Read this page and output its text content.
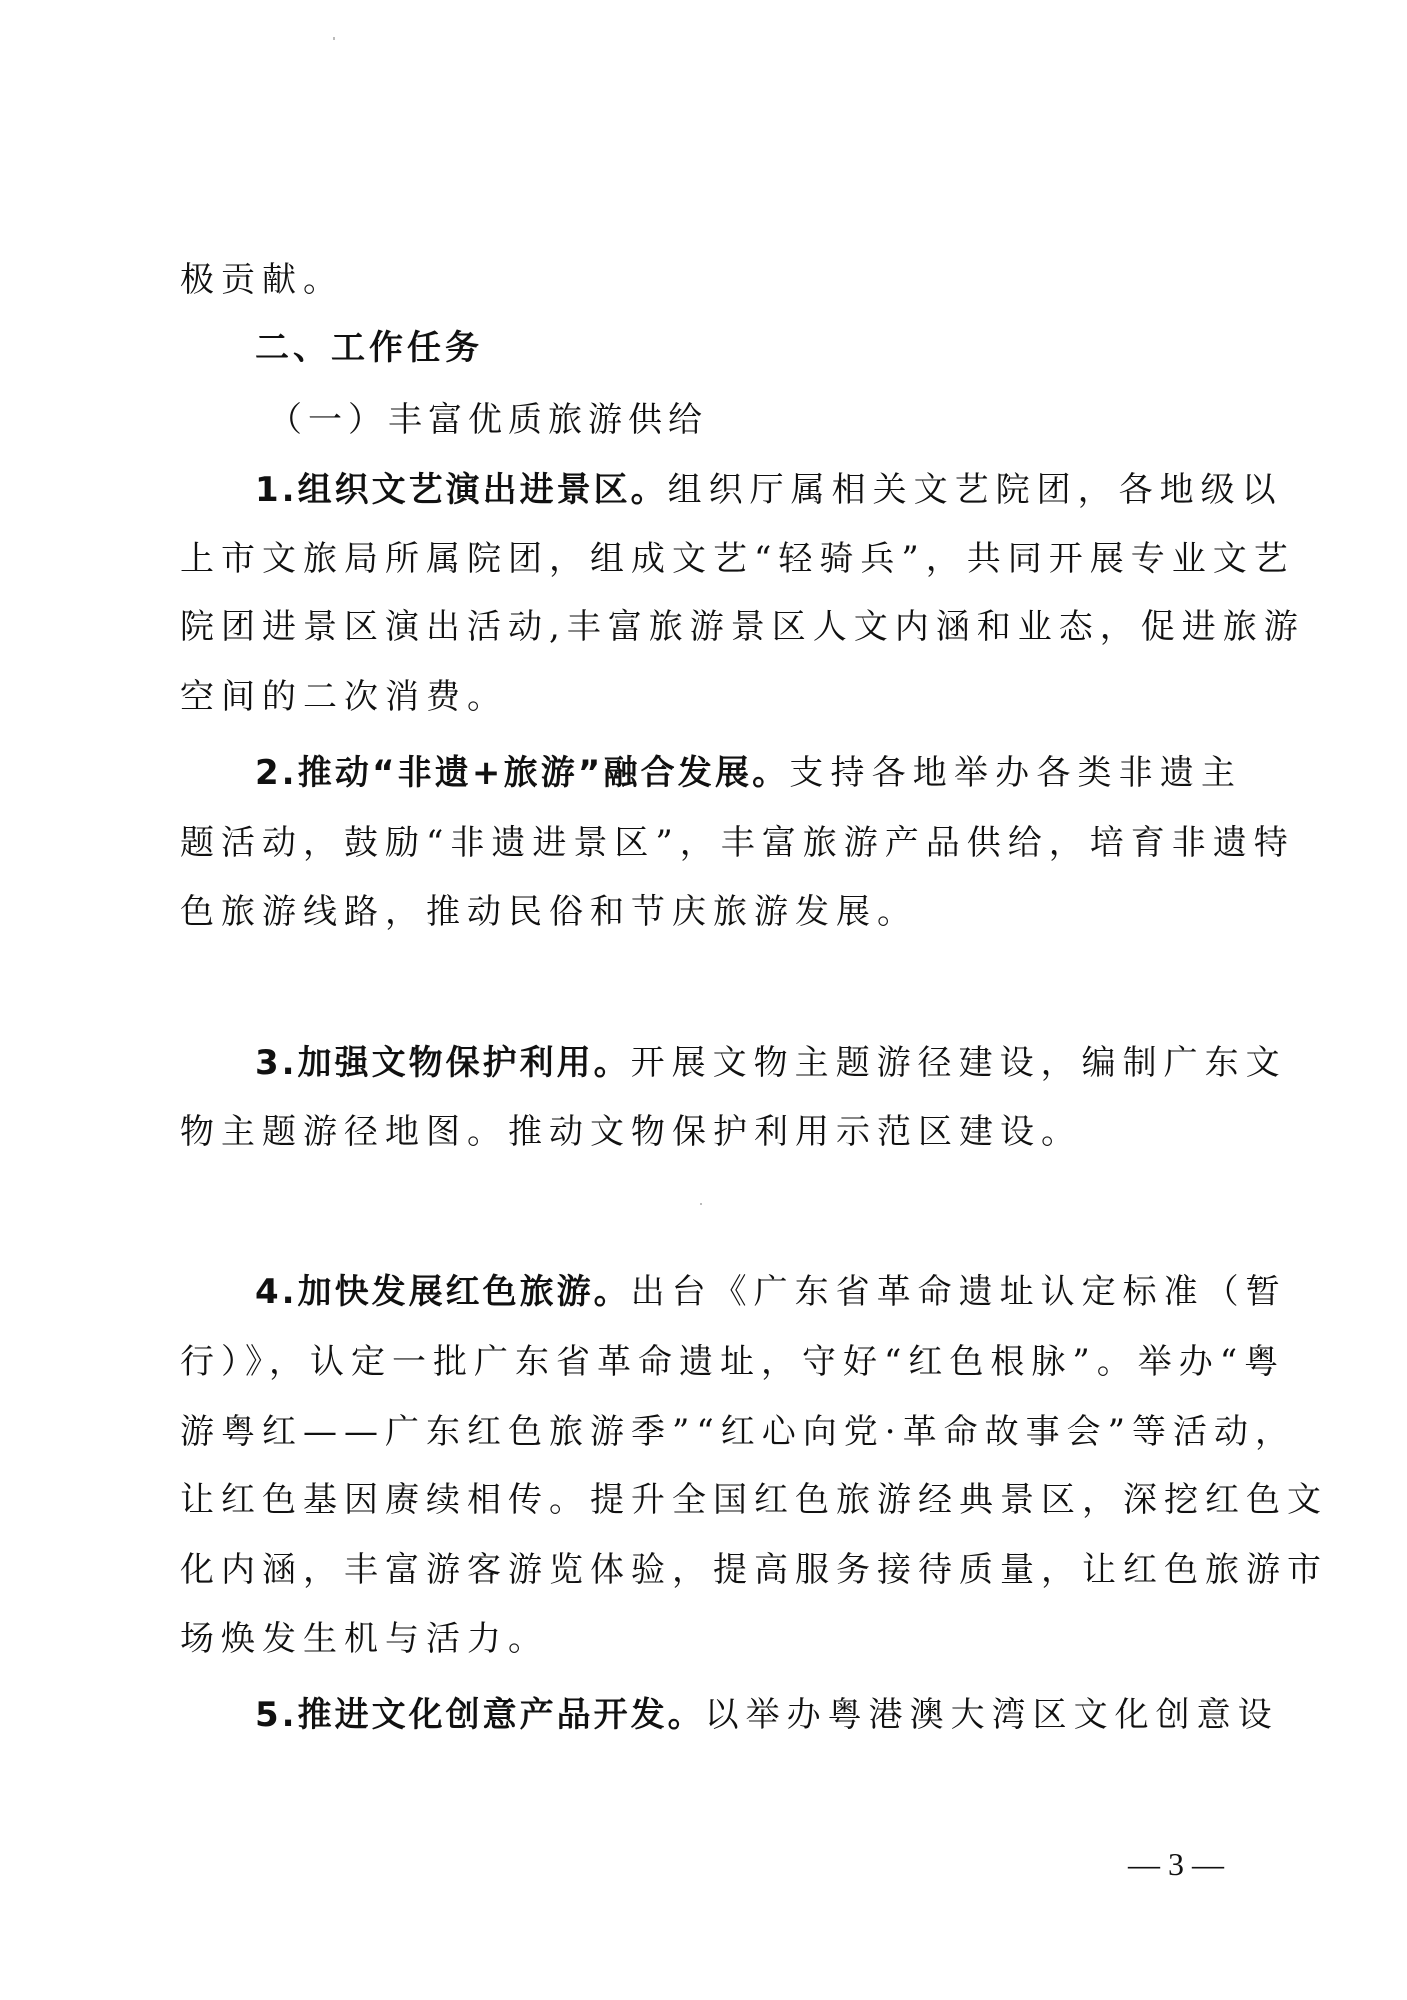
极贡献。
二、工作任务
（一）丰富优质旅游供给
1.组织文艺演出进景区。组织厅属相关文艺院团，各地级以
上市文旅局所属院团，组成文艺“轻骑兵”，共同开展专业文艺
院团进景区演出活动,丰富旅游景区人文内涵和业态，促进旅游
空间的二次消费。
2.推动“非遗+旅游”融合发展。支持各地举办各类非遗主
题活动，鼓励“非遗进景区”，丰富旅游产品供给，培育非遗特
色旅游线路，推动民俗和节庆旅游发展。
3.加强文物保护利用。开展文物主题游径建设，编制广东文
物主题游径地图。推动文物保护利用示范区建设。
4.加快发展红色旅游。出台《广东省革命遗址认定标准（暂
行）》，认定一批广东省革命遗址，守好“红色根脉”。举办“粤
游粤红——广东红色旅游季”“红心向党·革命故事会”等活动，
让红色基因赓续相传。提升全国红色旅游经典景区，深挖红色文
化内涵，丰富游客游览体验，提高服务接待质量，让红色旅游市
场焕发生机与活力。
5.推进文化创意产品开发。以举办粤港澳大湾区文化创意设
— 3 —
